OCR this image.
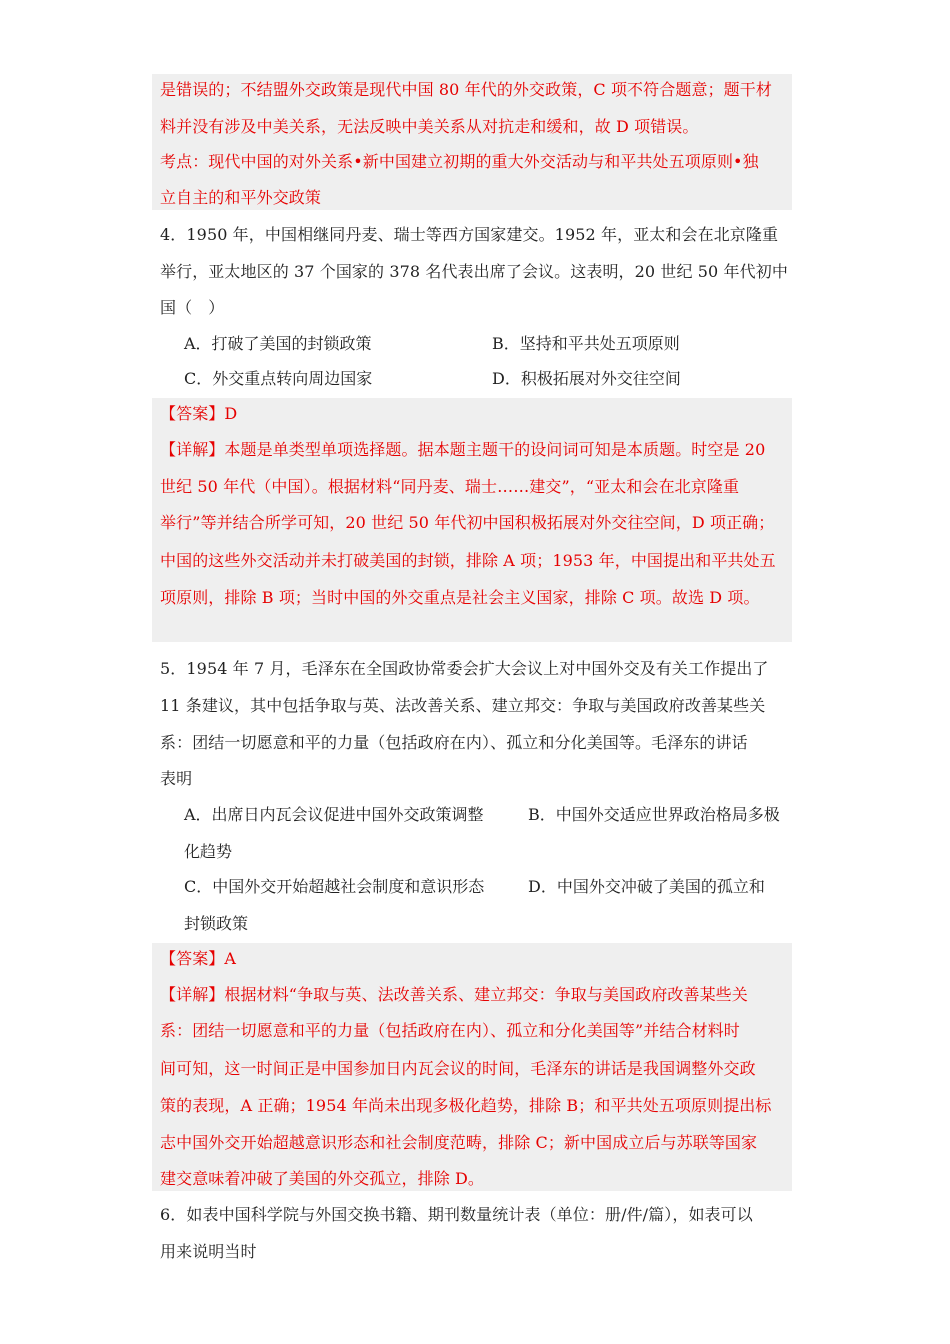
是错误的；不结盟外交政策是现代中国 80 年代的外交政策，C 项不符合题意；题干材
料并没有涉及中美关系，无法反映中美关系从对抗走和缓和，故 D 项错误。
考点：现代中国的对外关系•新中国建立初期的重大外交活动与和平共处五项原则•独
立自主的和平外交政策
4．1950 年，中国相继同丹麦、瑞士等西方国家建交。1952 年，亚太和会在北京隆重
举行，亚太地区的 37 个国家的 378 名代表出席了会议。这表明，20 世纪 50 年代初中
国（　）
A．打破了美国的封锁政策	B．坚持和平共处五项原则
C．外交重点转向周边国家	D．积极拓展对外交往空间
【答案】D
【详解】本题是单类型单项选择题。据本题主题干的设问词可知是本质题。时空是 20
世纪 50 年代（中国）。根据材料“同丹麦、瑞士……建交”，“亚太和会在北京隆重
举行”等并结合所学可知，20 世纪 50 年代初中国积极拓展对外交往空间，D 项正确；
中国的这些外交活动并未打破美国的封锁，排除 A 项；1953 年，中国提出和平共处五
项原则，排除 B 项；当时中国的外交重点是社会主义国家，排除 C 项。故选 D 项。
5．1954 年 7 月，毛泽东在全国政协常委会扩大会议上对中国外交及有关工作提出了
11 条建议，其中包括争取与英、法改善关系、建立邦交：争取与美国政府改善某些关
系：团结一切愿意和平的力量（包括政府在内）、孤立和分化美国等。毛泽东的讲话
表明
A．出席日内瓦会议促进中国外交政策调整	B．中国外交适应世界政治格局多极
化趋势
C．中国外交开始超越社会制度和意识形态	D．中国外交冲破了美国的孤立和
封锁政策
【答案】A
【详解】根据材料“争取与英、法改善关系、建立邦交：争取与美国政府改善某些关
系：团结一切愿意和平的力量（包括政府在内）、孤立和分化美国等”并结合材料时
间可知，这一时间正是中国参加日内瓦会议的时间，毛泽东的讲话是我国调整外交政
策的表现，A 正确；1954 年尚未出现多极化趋势，排除 B；和平共处五项原则提出标
志中国外交开始超越意识形态和社会制度范畴，排除 C；新中国成立后与苏联等国家
建交意味着冲破了美国的外交孤立，排除 D。
6．如表中国科学院与外国交换书籍、期刊数量统计表（单位：册/件/篇），如表可以
用来说明当时
